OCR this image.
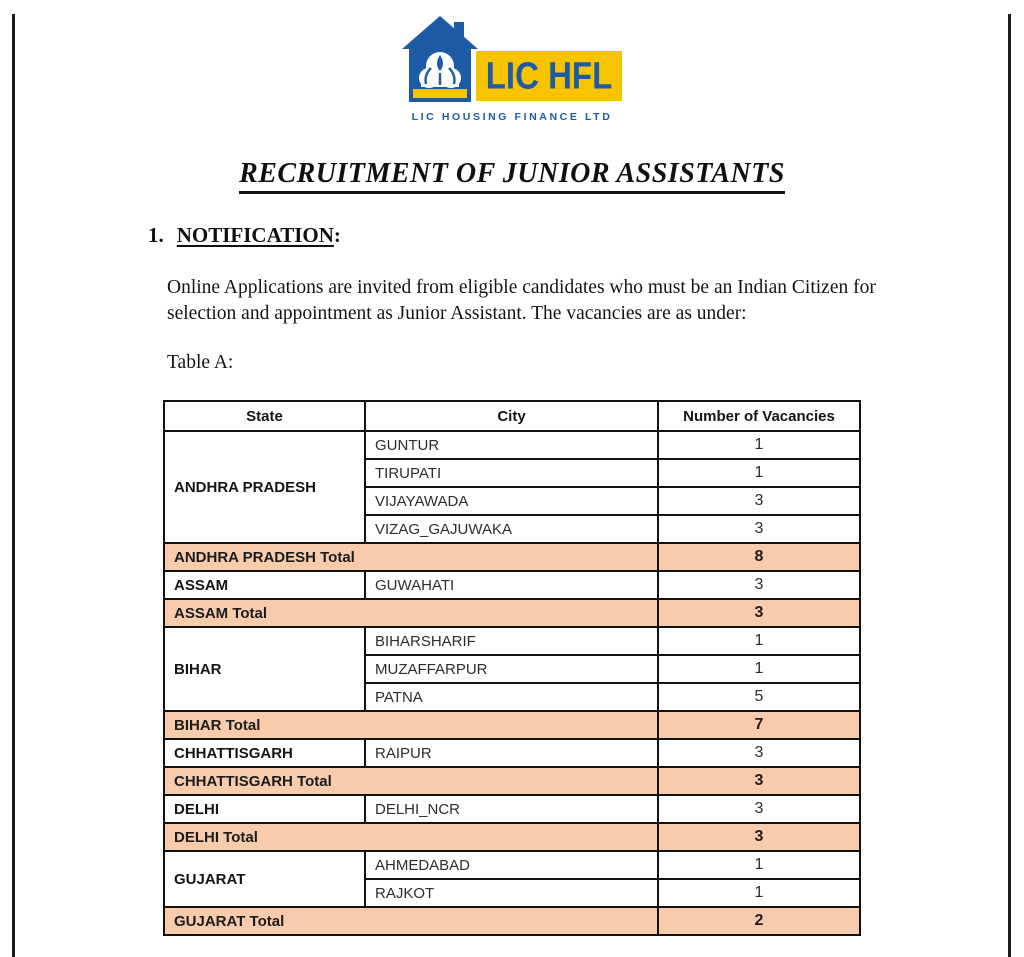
LIC HFL
LIC HOUSING FINANCE LTD
RECRUITMENT OF JUNIOR ASSISTANTS
1. NOTIFICATION:

Online Applications are invited from eligible candidates who must be an Indian Citizen for selection and appointment as Junior Assistant. The vacancies are as under:

Table A:

State	City	Number of Vacancies
ANDHRA PRADESH	GUNTUR	1
	TIRUPATI	1
	VIJAYAWADA	3
	VIZAG_GAJUWAKA	3
ANDHRA PRADESH Total		8
ASSAM	GUWAHATI	3
ASSAM Total		3
BIHAR	BIHARSHARIF	1
	MUZAFFARPUR	1
	PATNA	5
BIHAR Total		7
CHHATTISGARH	RAIPUR	3
CHHATTISGARH Total		3
DELHI	DELHI_NCR	3
DELHI Total		3
GUJARAT	AHMEDABAD	1
	RAJKOT	1
GUJARAT Total		2
